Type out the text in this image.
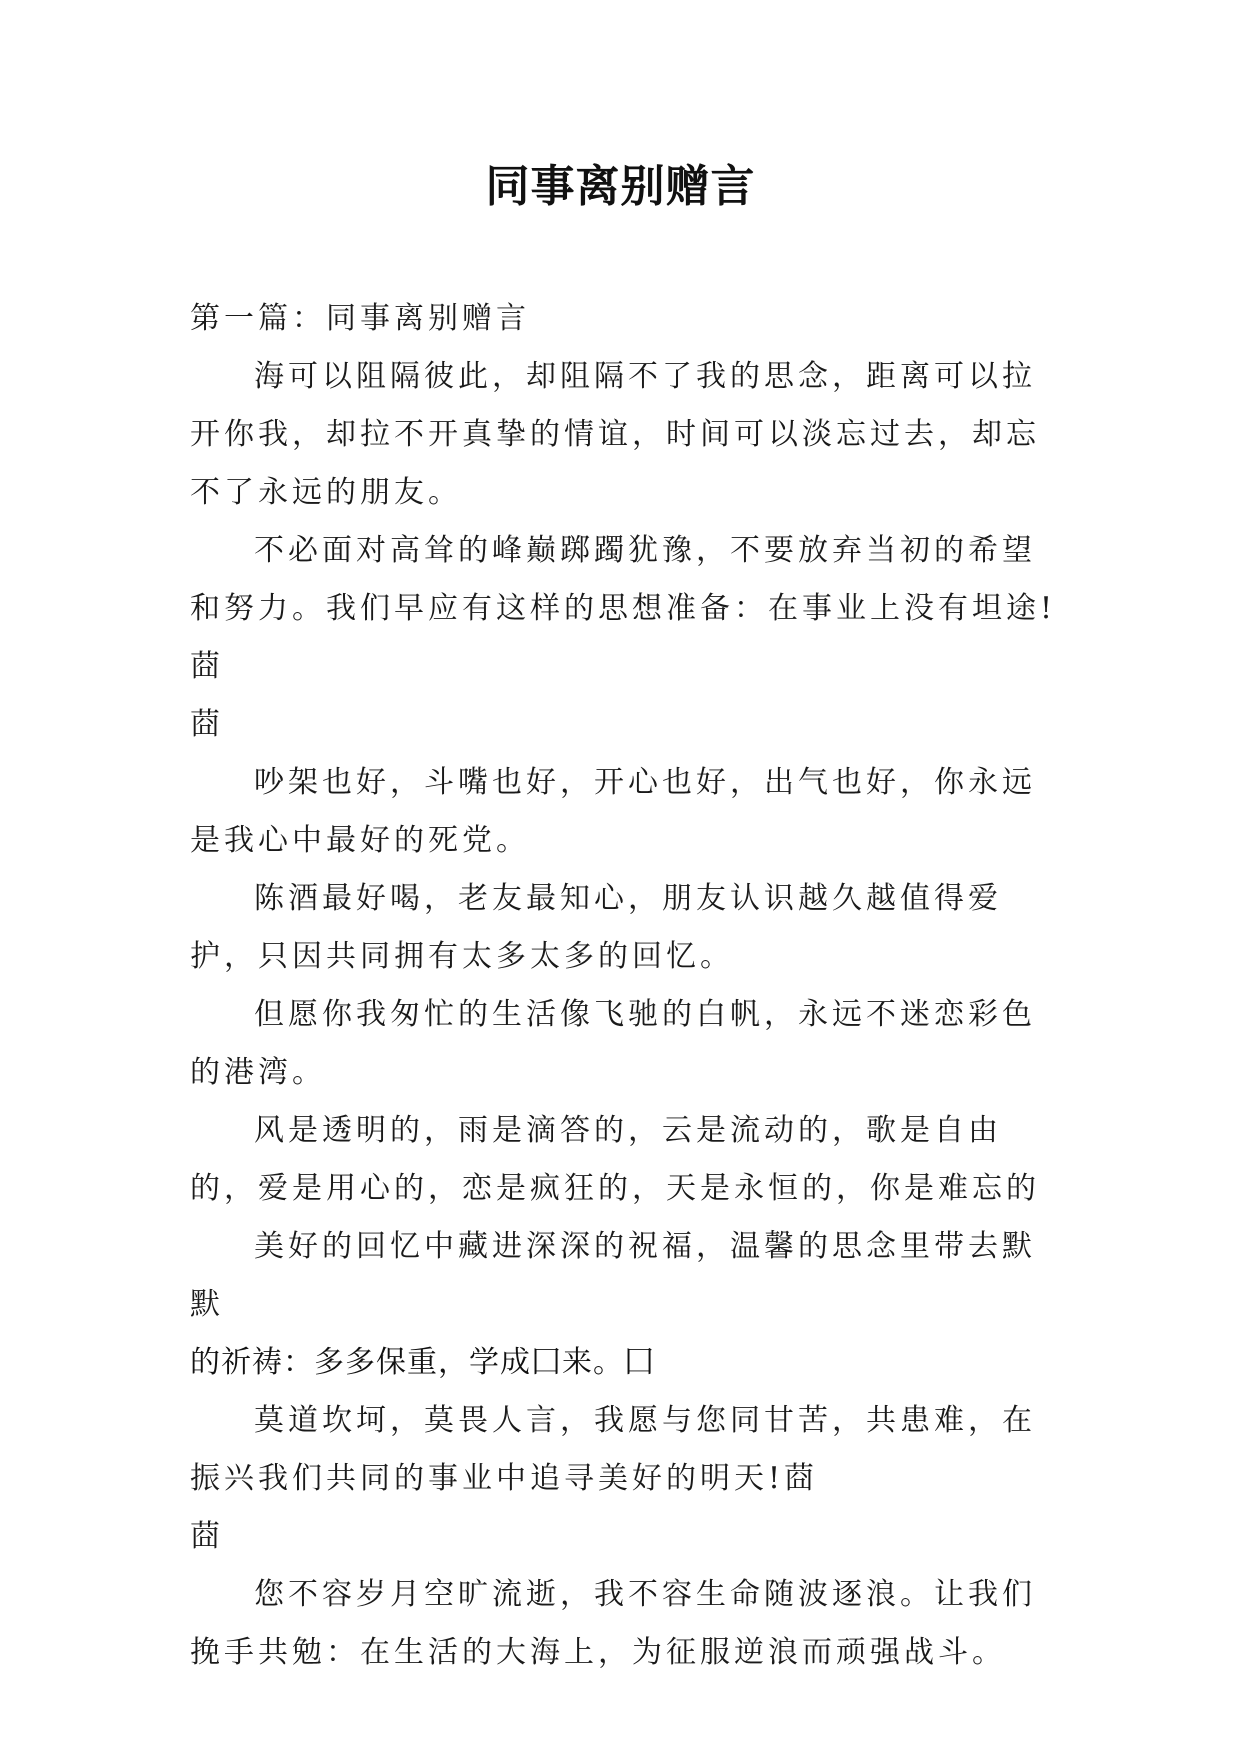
同事离别赠言

第一篇：同事离别赠言

海可以阻隔彼此，却阻隔不了我的思念，距离可以拉开你我，却拉不开真挚的情谊，时间可以淡忘过去，却忘不了永远的朋友。

不必面对高耸的峰巅踯躅犹豫，不要放弃当初的希望和努力。我们早应有这样的思想准备：在事业上没有坦途!莔

莔

吵架也好，斗嘴也好，开心也好，出气也好，你永远是我心中最好的死党。

陈酒最好喝，老友最知心，朋友认识越久越值得爱护，只因共同拥有太多太多的回忆。

但愿你我匆忙的生活像飞驰的白帆，永远不迷恋彩色的港湾。

风是透明的，雨是滴答的，云是流动的，歌是自由的，爱是用心的，恋是疯狂的，天是永恒的，你是难忘的

美好的回忆中藏进深深的祝福，温馨的思念里带去默默

的祈祷：多多保重，学成囗来。囗

莫道坎坷，莫畏人言，我愿与您同甘苦，共患难，在振兴我们共同的事业中追寻美好的明天!莔

莔

您不容岁月空旷流逝，我不容生命随波逐浪。让我们挽手共勉：在生活的大海上，为征服逆浪而顽强战斗。
